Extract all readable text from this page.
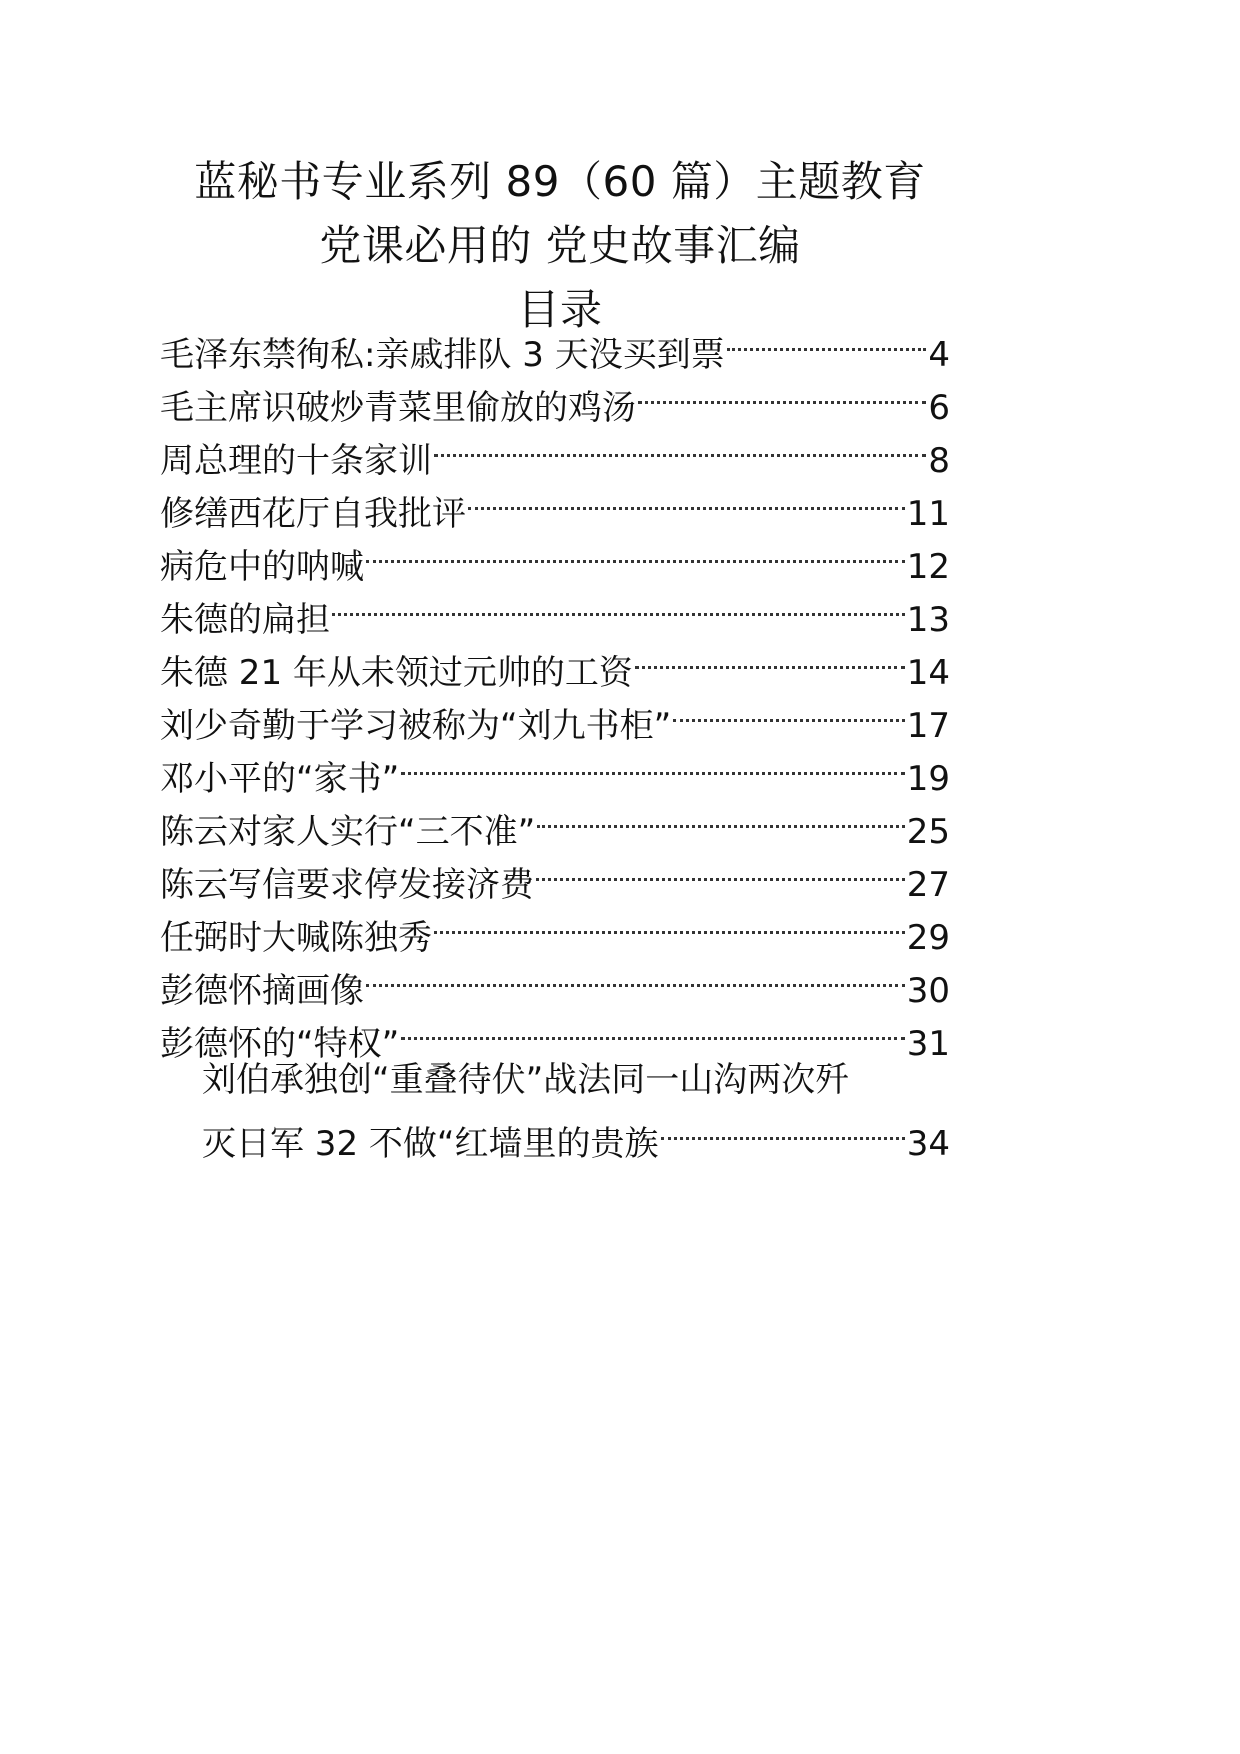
蓝秘书专业系列 89（60 篇）主题教育
党课必用的 党史故事汇编
目录
毛泽东禁徇私:亲戚排队 3 天没买到票	4
毛主席识破炒青菜里偷放的鸡汤	6
周总理的十条家训	8
修缮西花厅自我批评	11
病危中的呐喊	12
朱德的扁担	13
朱德 21 年从未领过元帅的工资	14
刘少奇勤于学习被称为“刘九书柜”	17
邓小平的“家书”	19
陈云对家人实行“三不准”	25
陈云写信要求停发接济费	27
任弼时大喊陈独秀	29
彭德怀摘画像	30
彭德怀的“特权”	31
刘伯承独创“重叠待伏”战法同一山沟两次歼
灭日军 32 不做“红墙里的贵族	34
